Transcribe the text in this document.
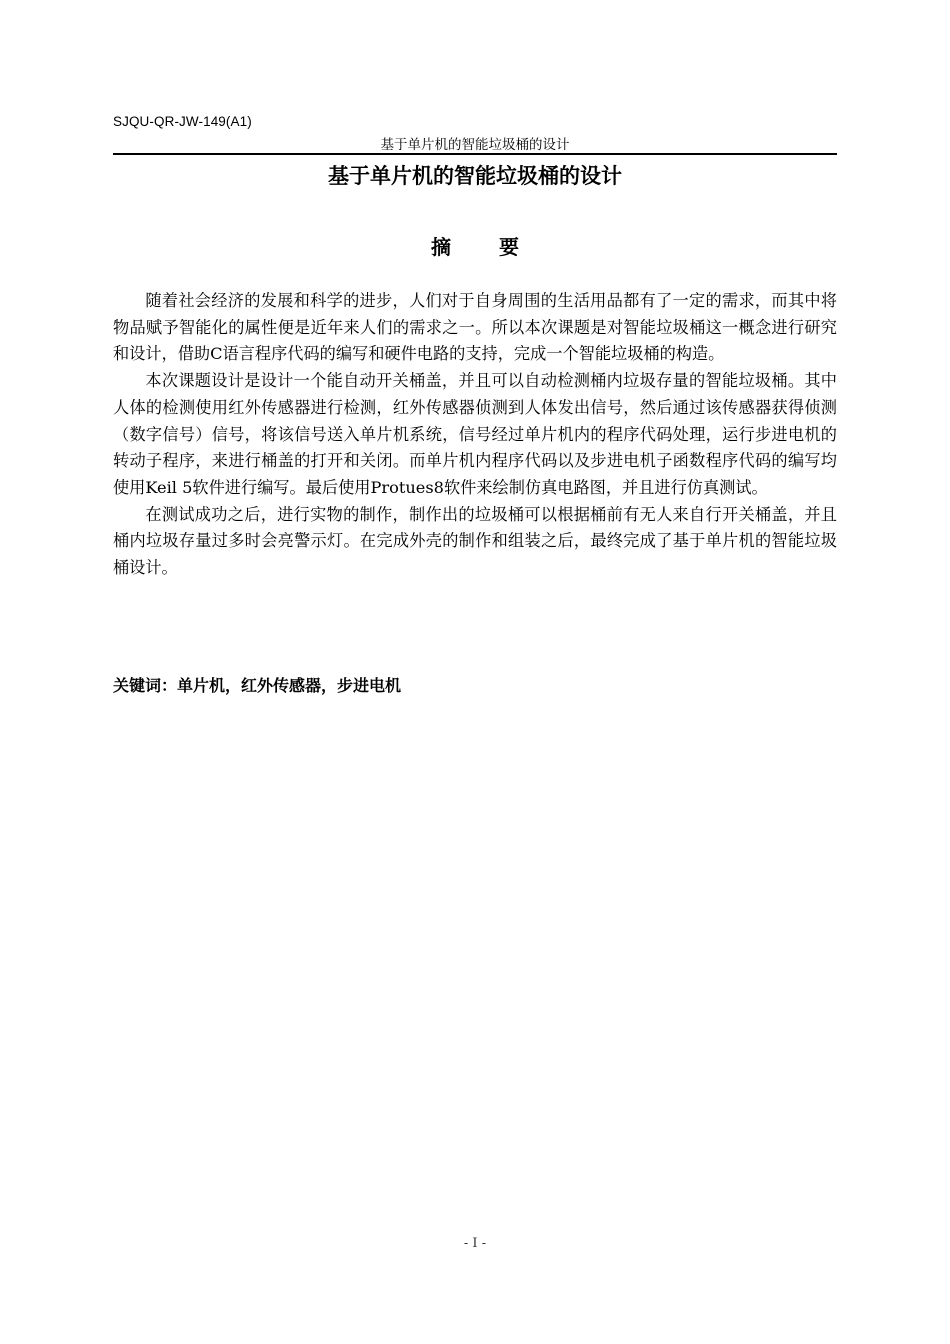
SJQU-QR-JW-149(A1)
基于单片机的智能垃圾桶的设计
基于单片机的智能垃圾桶的设计
摘要

随着社会经济的发展和科学的进步，人们对于自身周围的生活用品都有了一定的需求，而其中将物品赋予智能化的属性便是近年来人们的需求之一。所以本次课题是对智能垃圾桶这一概念进行研究和设计，借助C语言程序代码的编写和硬件电路的支持，完成一个智能垃圾桶的构造。

本次课题设计是设计一个能自动开关桶盖，并且可以自动检测桶内垃圾存量的智能垃圾桶。其中人体的检测使用红外传感器进行检测，红外传感器侦测到人体发出信号，然后通过该传感器获得侦测（数字信号）信号，将该信号送入单片机系统，信号经过单片机内的程序代码处理，运行步进电机的转动子程序，来进行桶盖的打开和关闭。而单片机内程序代码以及步进电机子函数程序代码的编写均使用Keil 5软件进行编写。最后使用Protues8软件来绘制仿真电路图，并且进行仿真测试。

在测试成功之后，进行实物的制作，制作出的垃圾桶可以根据桶前有无人来自行开关桶盖，并且桶内垃圾存量过多时会亮警示灯。在完成外壳的制作和组装之后，最终完成了基于单片机的智能垃圾桶设计。

关键词：单片机，红外传感器，步进电机
- I -
